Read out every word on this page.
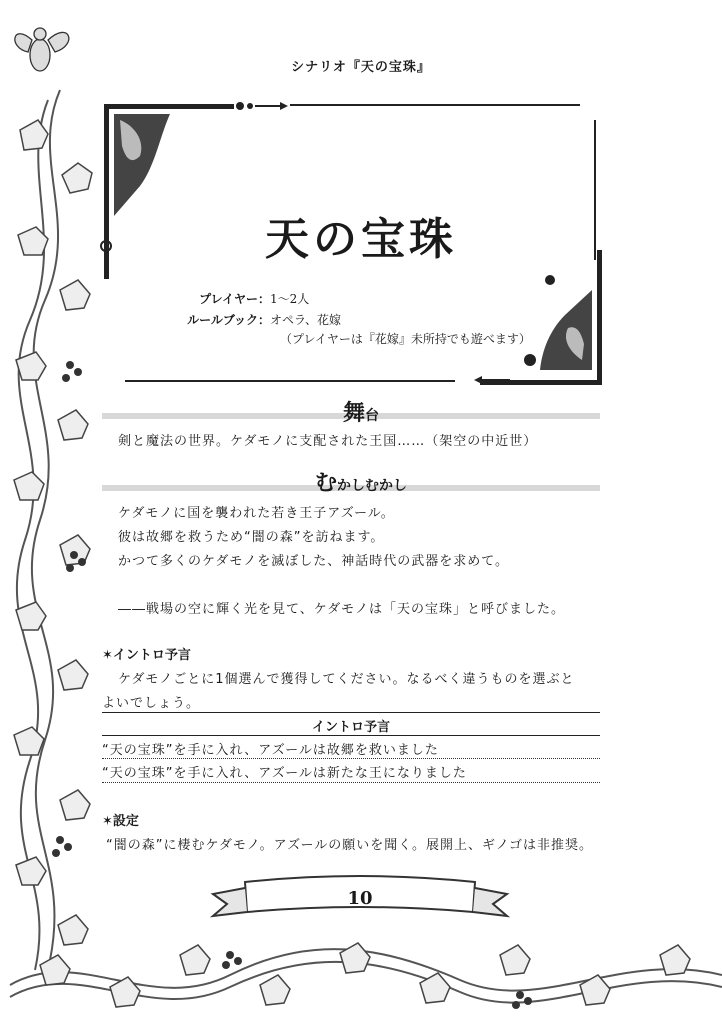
シナリオ『天の宝珠』
天の宝珠
プレイヤー：1～2人
ルールブック：オペラ、花嫁
（プレイヤーは『花嫁』未所持でも遊べます）
舞台
剣と魔法の世界。ケダモノに支配された王国……（架空の中近世）
むかしむかし
ケダモノに国を襲われた若き王子アズール。
彼は故郷を救うため“闇の森”を訪ねます。
かつて多くのケダモノを滅ぼした、神話時代の武器を求めて。
――戦場の空に輝く光を見て、ケダモノは「天の宝珠」と呼びました。
✶イントロ予言
ケダモノごとに1個選んで獲得してください。なるべく違うものを選ぶと
よいでしょう。
イントロ予言
“天の宝珠”を手に入れ、アズールは故郷を救いました
“天の宝珠”を手に入れ、アズールは新たな王になりました
✶設定
“闇の森”に棲むケダモノ。アズールの願いを聞く。展開上、ギノゴは非推奨。
10
